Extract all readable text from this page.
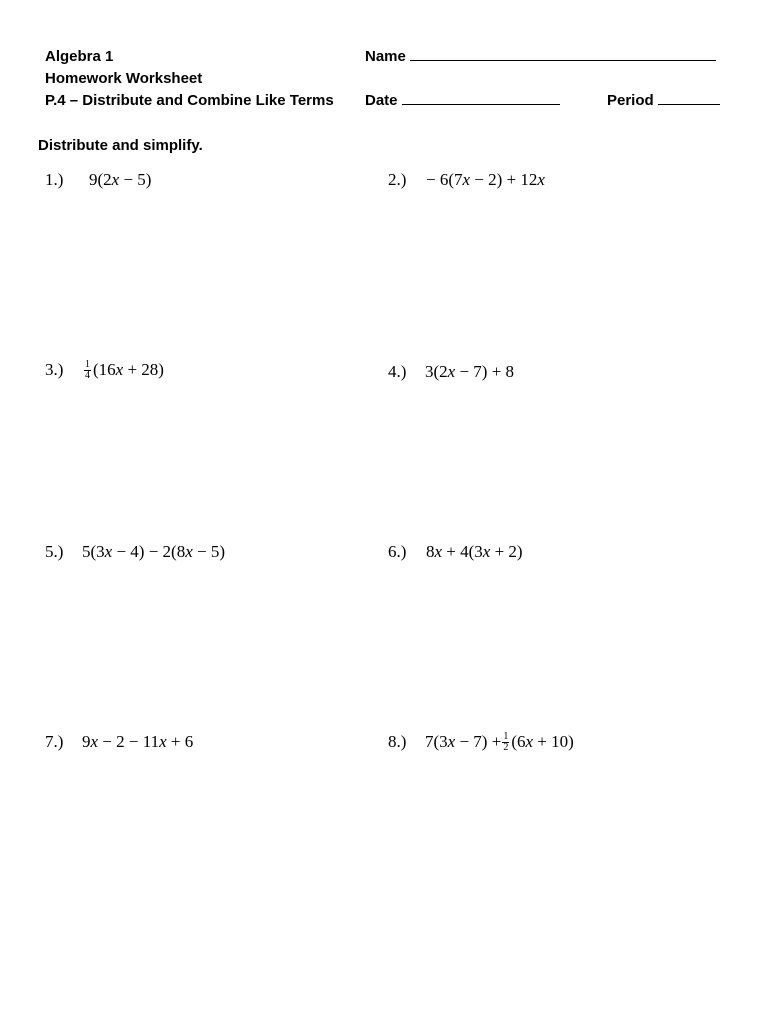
Algebra 1
Homework Worksheet
P.4 – Distribute and Combine Like Terms
Name
Date	Period
Distribute and simplify.
1.) 9(2x − 5)	2.) − 6(7x − 2) + 12x
$3.) \frac{1}{4} (16x + 28)$	4.) 3(2x − 7) + 8
5.) 5(3x − 4) − 2(8x − 5)	6.) 8x + 4(3x + 2)
7.) 9x − 2 − 11x + 6	8.) $7(3x - 7) + \frac{1}{2} (6x + 10)$
